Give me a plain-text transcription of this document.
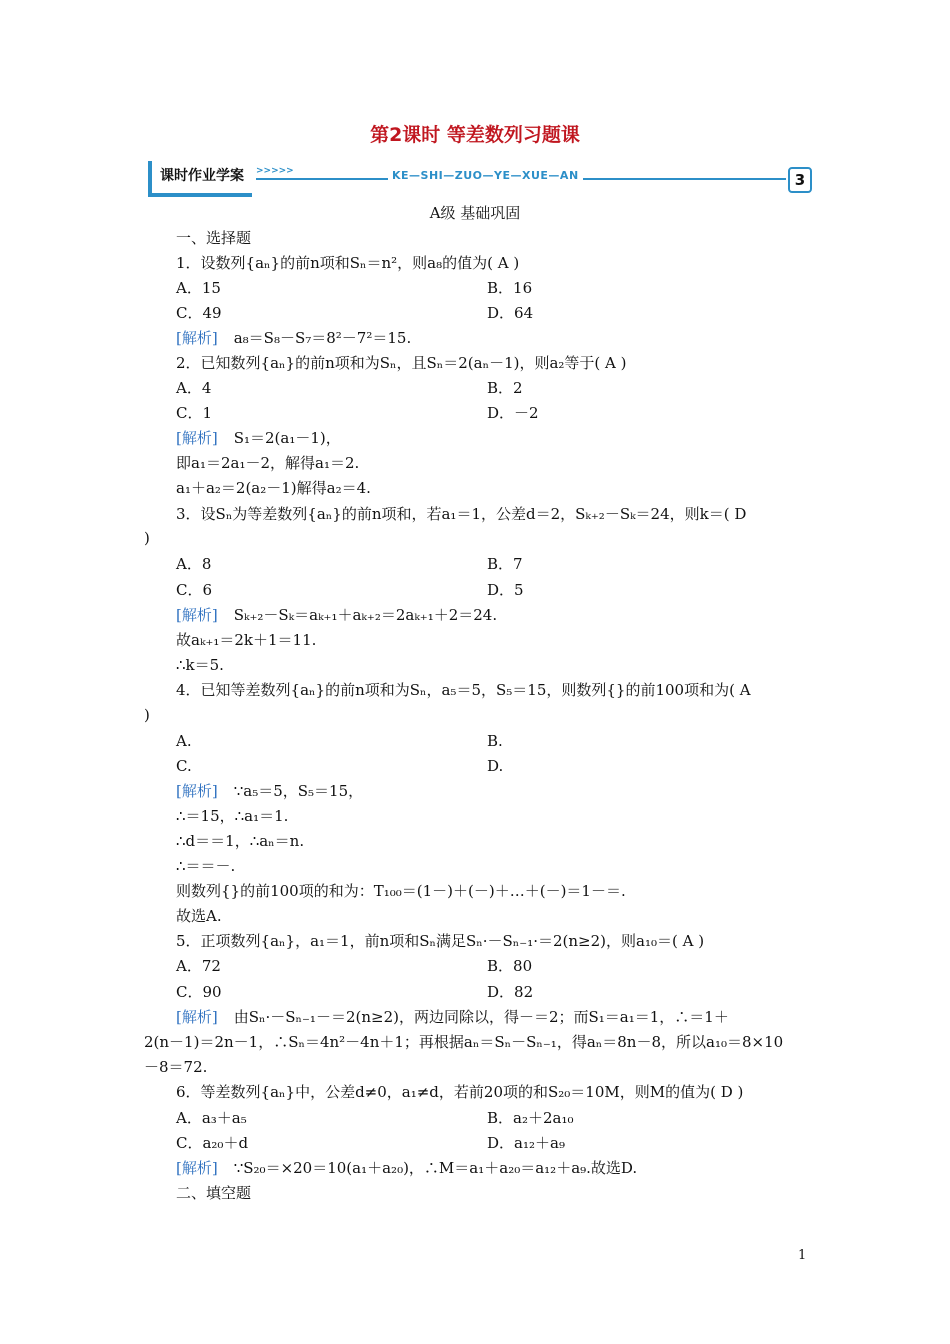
第2课时 等差数列习题课
课时作业学案	>>>>>	KE—SHI—ZUO—YE—XUE—AN	3
A级 基础巩固
一、选择题
1．设数列{aₙ}的前n项和Sₙ＝n²，则a₈的值为( A )
A．15	B．16
C．49	D．64
[解析] a₈＝S₈－S₇＝8²－7²＝15.
2．已知数列{aₙ}的前n项和为Sₙ，且Sₙ＝2(aₙ－1)，则a₂等于( A )
A．4	B．2
C．1	D．－2
[解析] S₁＝2(a₁－1)，
即a₁＝2a₁－2，解得a₁＝2.
a₁＋a₂＝2(a₂－1)解得a₂＝4.
3．设Sₙ为等差数列{aₙ}的前n项和，若a₁＝1，公差d＝2，Sₖ₊₂－Sₖ＝24，则k＝( D
)
A．8	B．7
C．6	D．5
[解析] Sₖ₊₂－Sₖ＝aₖ₊₁＋aₖ₊₂＝2aₖ₊₁＋2＝24.
故aₖ₊₁＝2k＋1＝11.
∴k＝5.
4．已知等差数列{aₙ}的前n项和为Sₙ，a₅＝5，S₅＝15，则数列{}的前100项和为( A
)
A.	B.
C.	D.
[解析] ∵a₅＝5，S₅＝15，
∴＝15，∴a₁＝1.
∴d＝＝1，∴aₙ＝n.
∴＝＝－.
则数列{}的前100项的和为：T₁₀₀＝(1－)＋(－)＋…＋(－)＝1－＝.
故选A.
5．正项数列{aₙ}，a₁＝1，前n项和Sₙ满足Sₙ·－Sₙ₋₁·＝2(n≥2)，则a₁₀＝( A )
A．72	B．80
C．90	D．82
[解析] 由Sₙ·－Sₙ₋₁－＝2(n≥2)，两边同除以，得－＝2；而S₁＝a₁＝1，∴＝1＋
2(n－1)＝2n－1，∴Sₙ＝4n²－4n＋1；再根据aₙ＝Sₙ－Sₙ₋₁，得aₙ＝8n－8，所以a₁₀＝8×10
－8＝72.
6．等差数列{aₙ}中，公差d≠0，a₁≠d，若前20项的和S₂₀＝10M，则M的值为( D )
A．a₃＋a₅	B．a₂＋2a₁₀
C．a₂₀＋d	D．a₁₂＋a₉
[解析] ∵S₂₀＝×20＝10(a₁＋a₂₀)，∴M＝a₁＋a₂₀＝a₁₂＋a₉.故选D.
二、填空题
1
